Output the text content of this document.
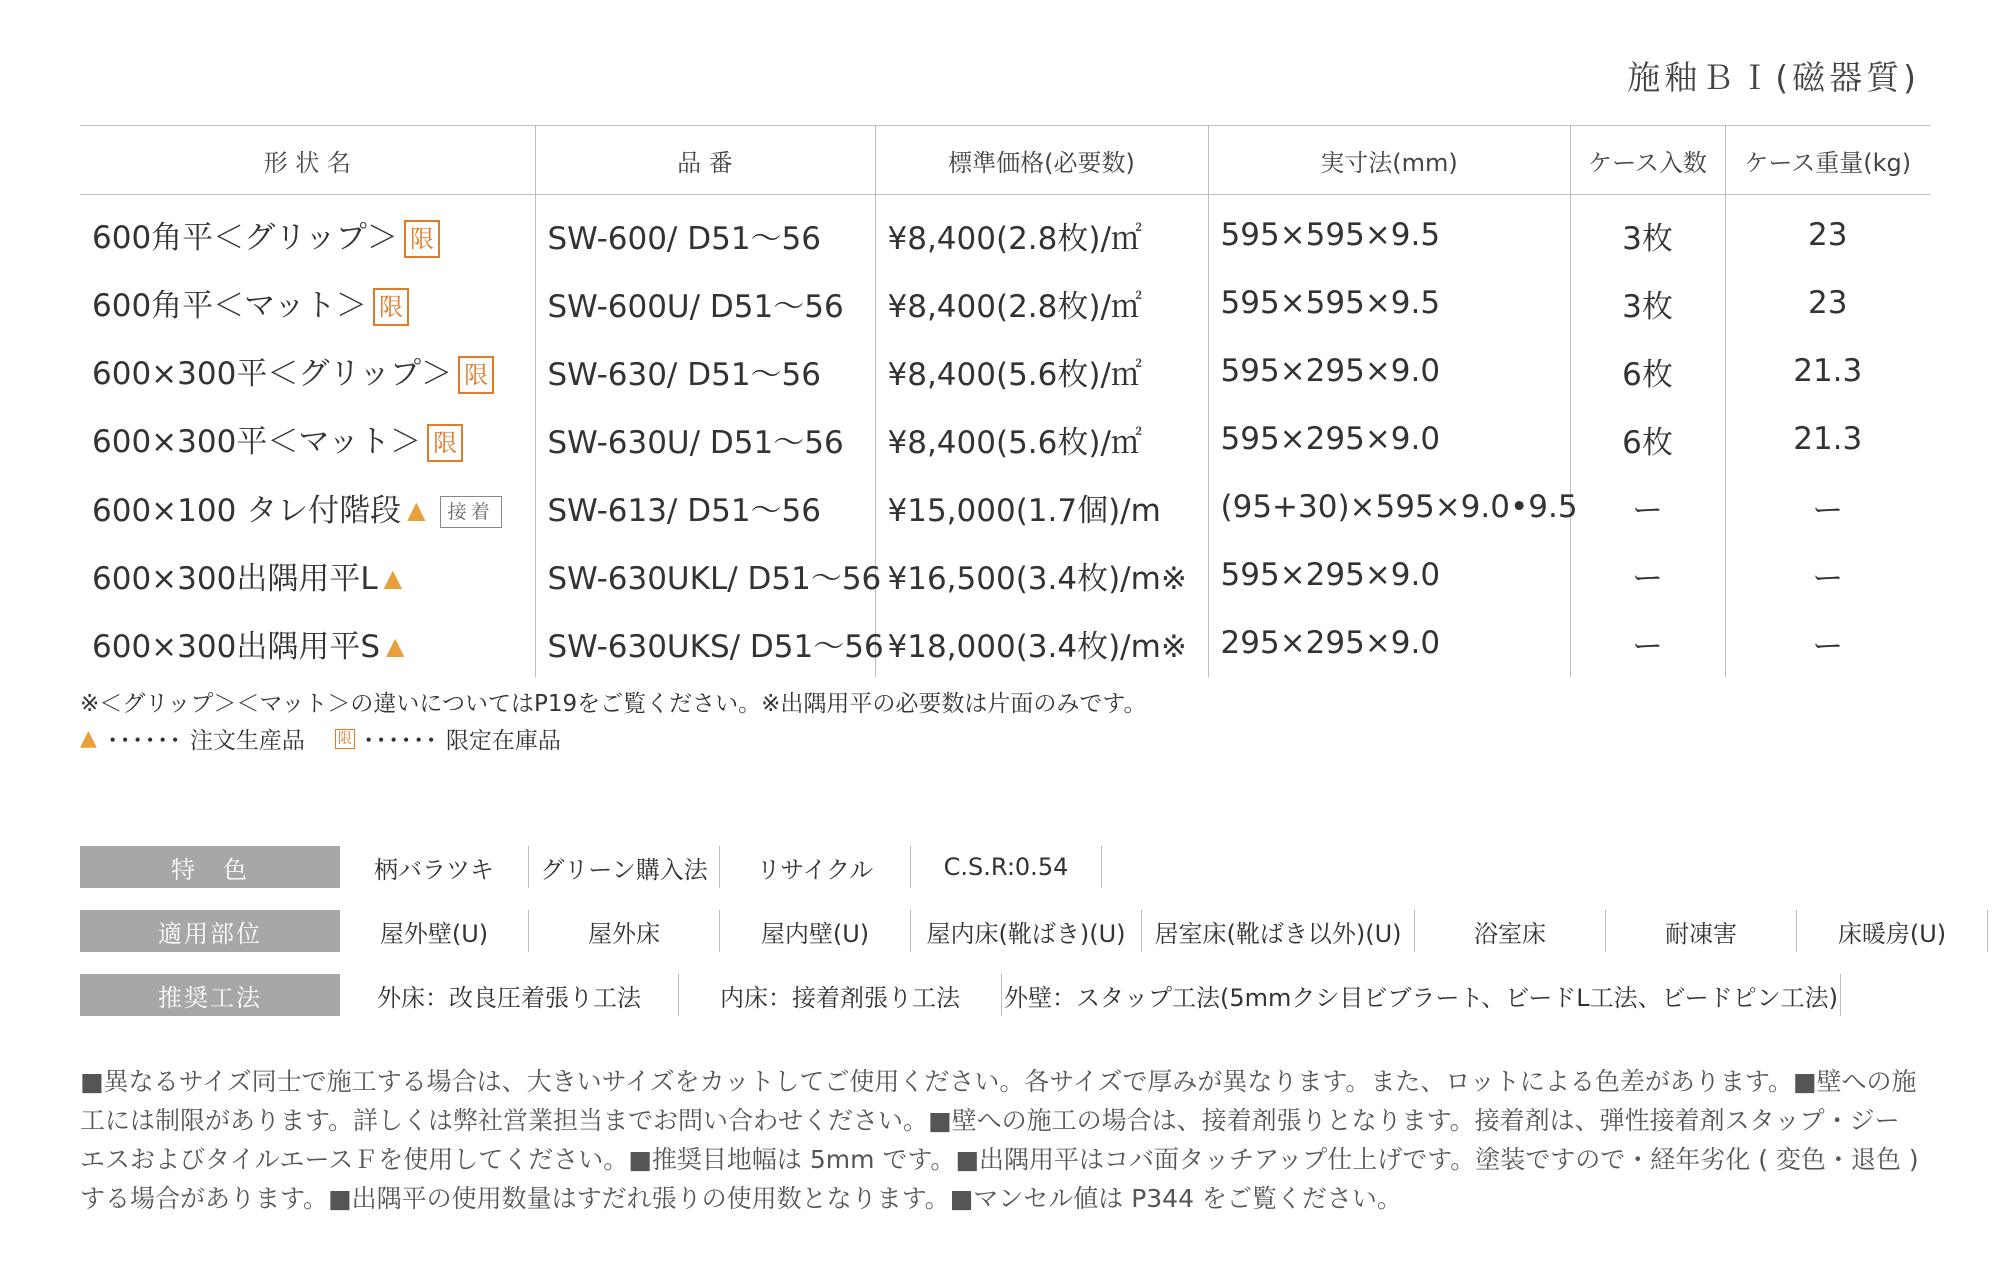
施釉ＢＩ(磁器質)
形 状 名	品 番	標準価格(必要数)	実寸法(mm)	ケース入数	ケース重量(kg)
600角平＜グリップ＞ 限	SW-600/ D51～56	¥8,400(2.8枚)/㎡	595×595×9.5	3枚	23
600角平＜マット＞ 限	SW-600U/ D51～56	¥8,400(2.8枚)/㎡	595×595×9.5	3枚	23
600×300平＜グリップ＞ 限	SW-630/ D51～56	¥8,400(5.6枚)/㎡	595×295×9.0	6枚	21.3
600×300平＜マット＞ 限	SW-630U/ D51～56	¥8,400(5.6枚)/㎡	595×295×9.0	6枚	21.3
600×100 タレ付階段 ▲ 接着	SW-613/ D51～56	¥15,000(1.7個)/m	(95+30)×595×9.0•9.5	ー	ー
600×300出隅用平L ▲	SW-630UKL/ D51～56	¥16,500(3.4枚)/m※	595×295×9.0	ー	ー
600×300出隅用平S ▲	SW-630UKS/ D51～56	¥18,000(3.4枚)/m※	295×295×9.0	ー	ー
※＜グリップ＞＜マット＞の違いについてはP19をご覧ください。※出隅用平の必要数は片面のみです。
▲ ･･････ 注文生産品 限 ･･････ 限定在庫品
特　色	柄バラツキ	グリーン購入法	リサイクル	C.S.R:0.54
適用部位	屋外壁(U)	屋外床	屋内壁(U)	屋内床(靴ばき)(U)	居室床(靴ばき以外)(U)	浴室床	耐凍害	床暖房(U)
推奨工法	外床：改良圧着張り工法	内床：接着剤張り工法	外壁：スタップ工法(5mmクシ目ビブラート、ビードL工法、ビードピン工法)
■異なるサイズ同士で施工する場合は、大きいサイズをカットしてご使用ください。各サイズで厚みが異なります。また、ロットによる色差があります。■壁への施
工には制限があります。詳しくは弊社営業担当までお問い合わせください。■壁への施工の場合は、接着剤張りとなります。接着剤は、弾性接着剤スタップ・ジー
エスおよびタイルエースＦを使用してください。■推奨目地幅は 5mm です。■出隅用平はコバ面タッチアップ仕上げです。塗装ですので・経年劣化 ( 変色・退色 )
する場合があります。■出隅平の使用数量はすだれ張りの使用数となります。■マンセル値は P344 をご覧ください。
